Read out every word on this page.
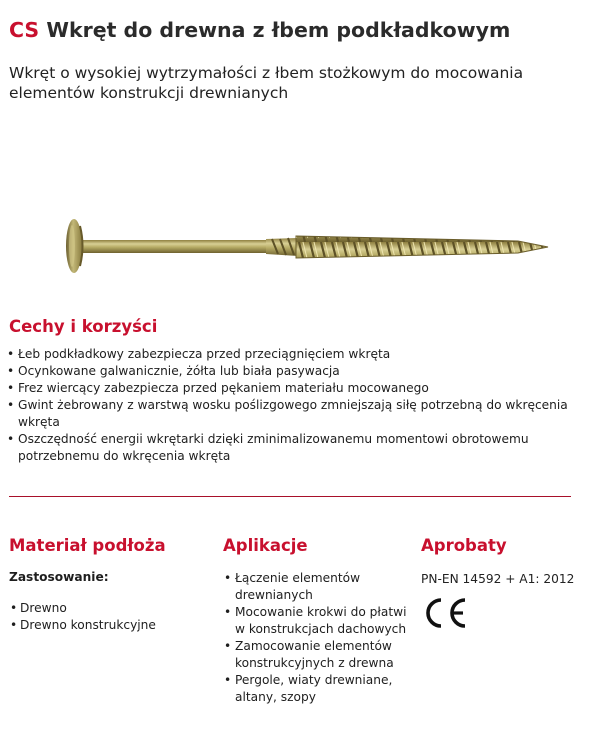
CS Wkręt do drewna z łbem podkładkowym

Wkręt o wysokiej wytrzymałości z łbem stożkowym do mocowania elementów konstrukcji drewnianych

Cechy i korzyści
• Łeb podkładkowy zabezpiecza przed przeciągnięciem wkręta
• Ocynkowane galwanicznie, żółta lub biała pasywacja
• Frez wiercący zabezpiecza przed pękaniem materiału mocowanego
• Gwint żebrowany z warstwą wosku poślizgowego zmniejszają siłę potrzebną do wkręcenia wkręta
• Oszczędność energii wkrętarki dzięki zminimalizowanemu momentowi obrotowemu potrzebnemu do wkręcenia wkręta
Materiał podłoża

Zastosowanie:

• Drewno
• Drewno konstrukcyjne
Aplikacje
• Łączenie elementów drewnianych
• Mocowanie krokwi do płatwi w konstrukcjach dachowych
• Zamocowanie elementów konstrukcyjnych z drewna
• Pergole, wiaty drewniane, altany, szopy
Aprobaty
PN-EN 14592 + A1: 2012
